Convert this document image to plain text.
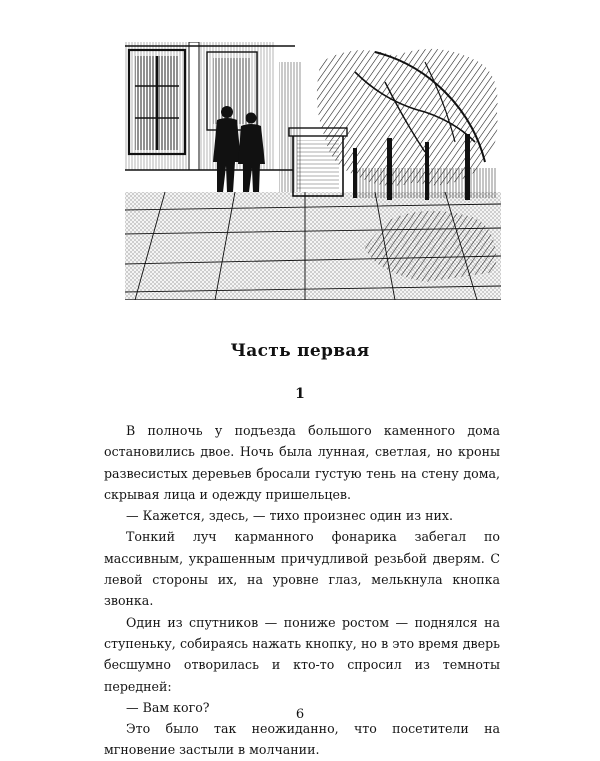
Часть первая
1

В полночь у подъезда большого каменного дома остановились двое. Ночь была лунная, светлая, но кроны развесистых деревьев бросали густую тень на стену дома, скрывая лица и одежду пришельцев.

— Кажется, здесь, — тихо произнес один из них.

Тонкий луч карманного фонарика забегал по массивным, украшенным причудливой резьбой дверям. С левой стороны их, на уровне глаз, мелькнула кнопка звонка.

Один из спутников — пониже ростом — поднялся на ступеньку, собираясь нажать кнопку, но в это время дверь бесшумно отворилась и кто-то спросил из темноты передней:

— Вам кого?

Это было так неожиданно, что посетители на мгновение застыли в молчании.

6
